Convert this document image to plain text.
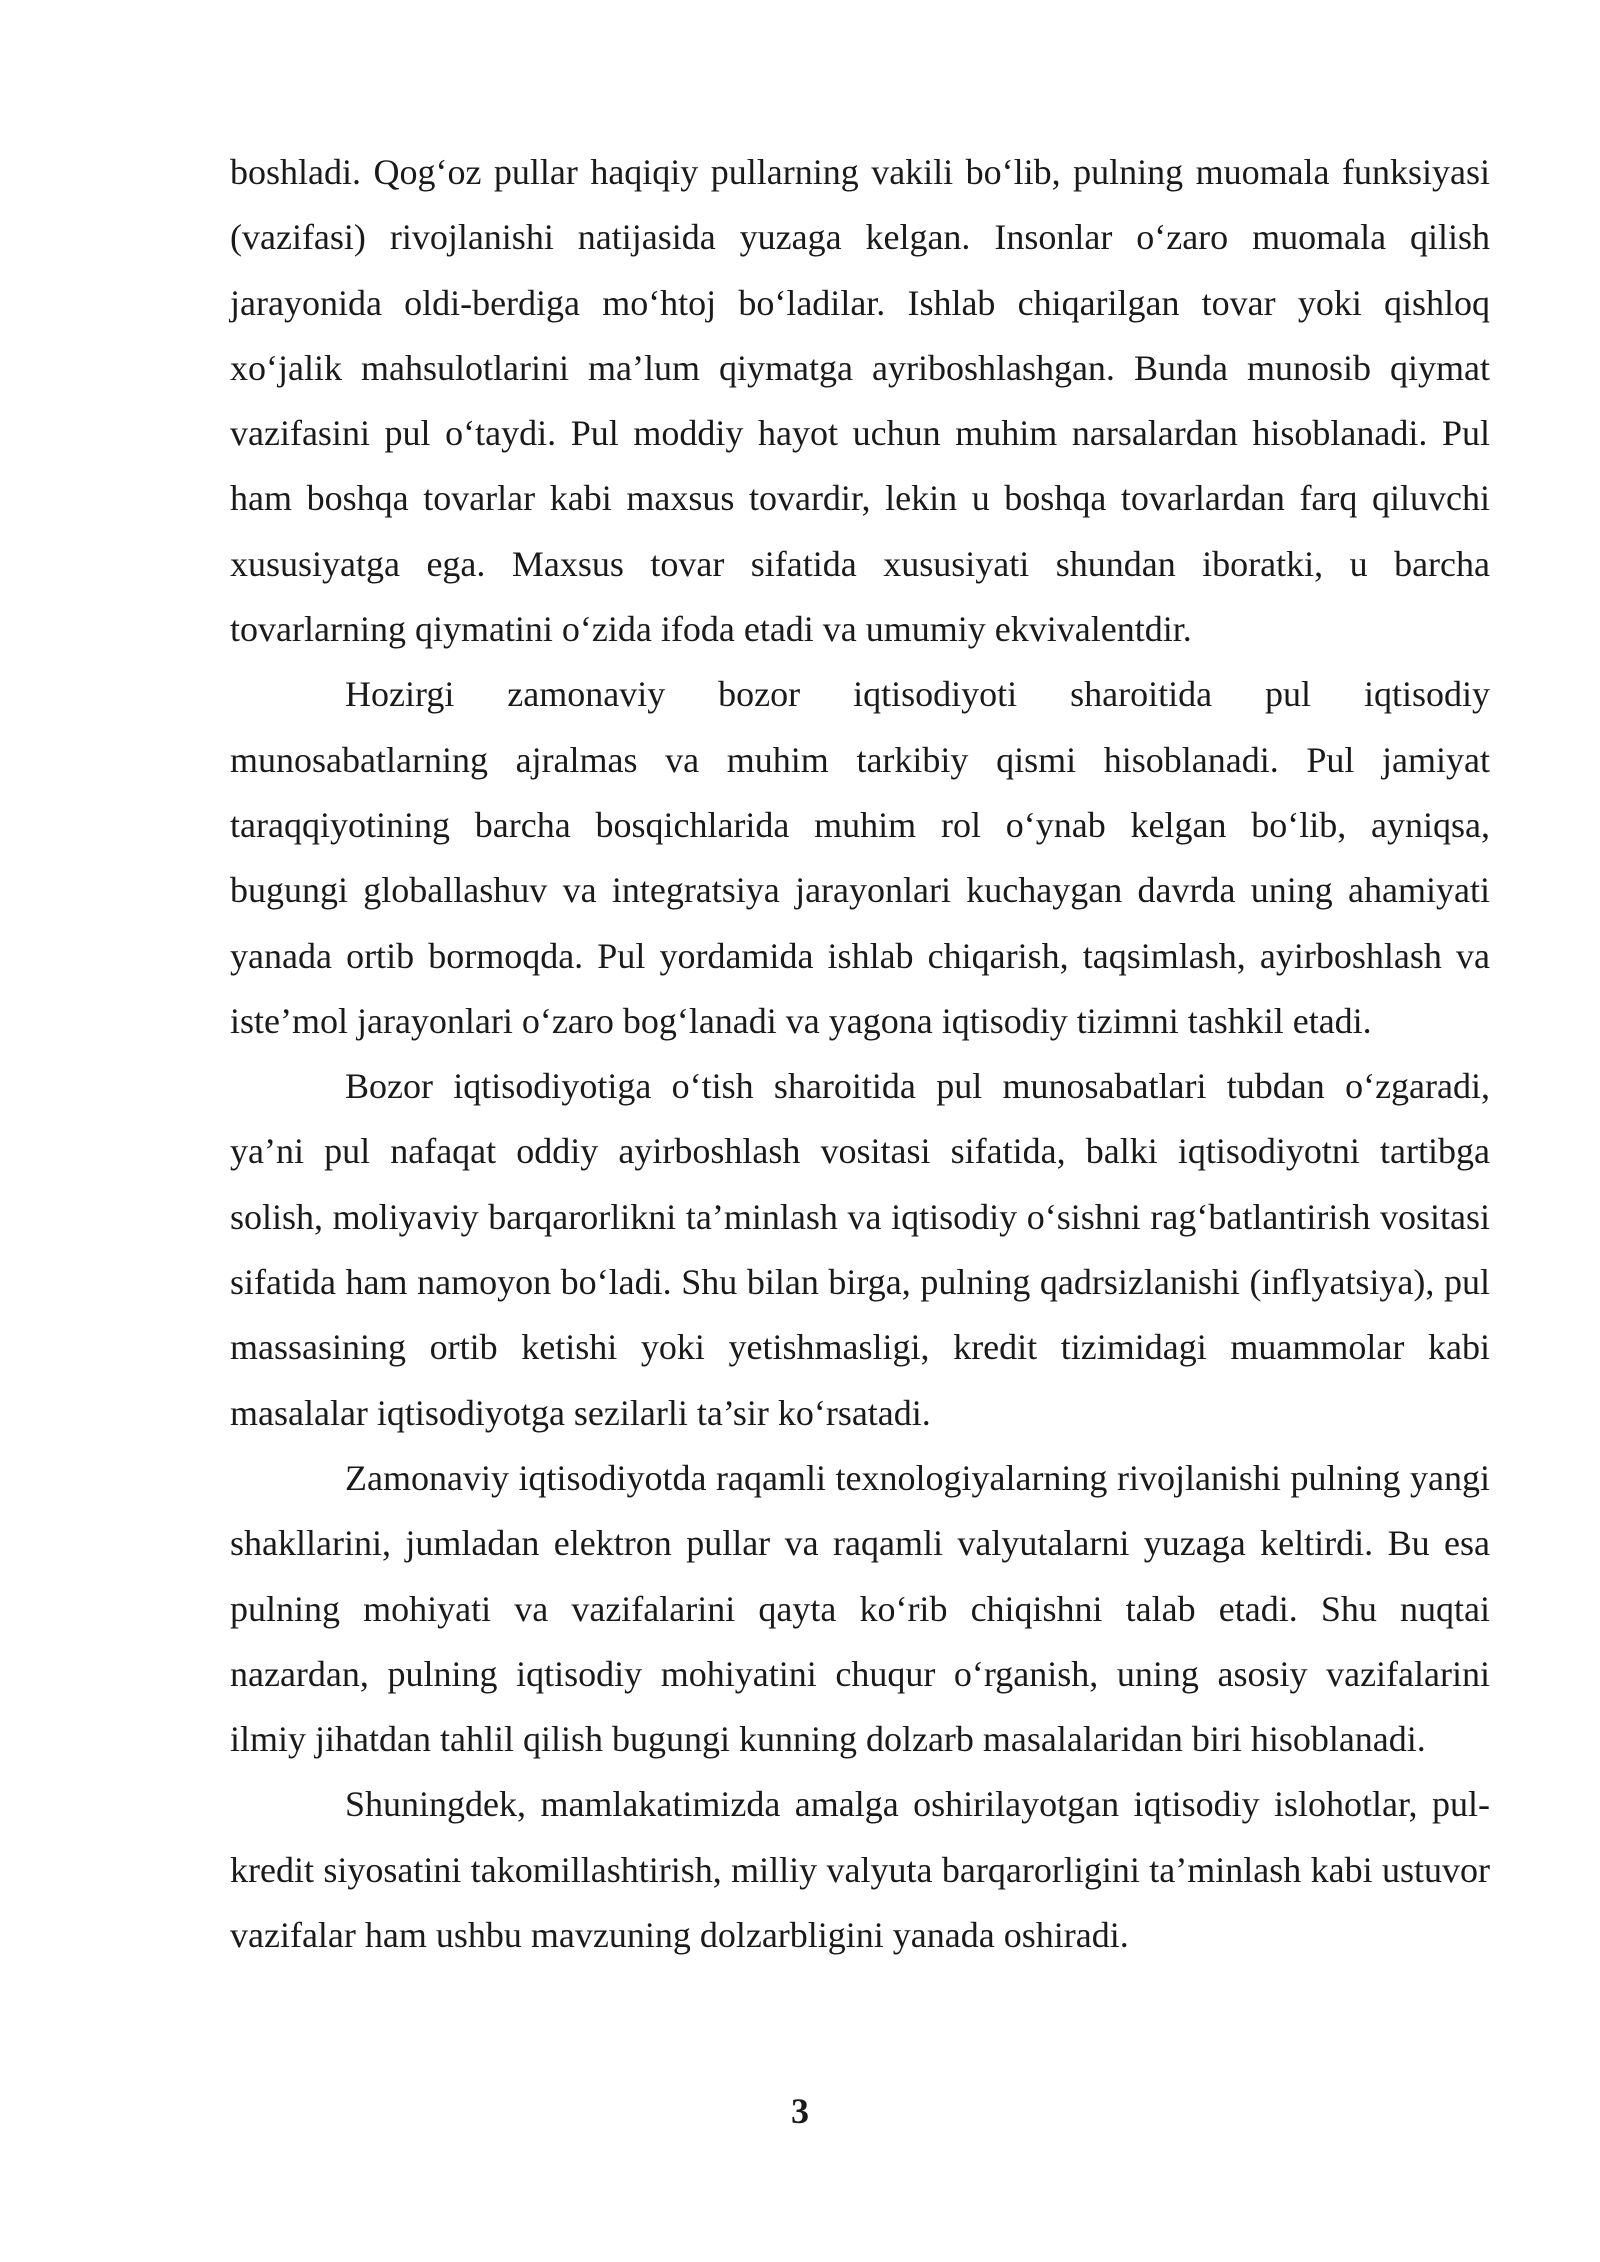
boshladi. Qog‘oz pullar haqiqiy pullarning vakili bo‘lib, pulning muomala funksiyasi (vazifasi) rivojlanishi natijasida yuzaga kelgan. Insonlar o‘zaro muomala qilish jarayonida oldi-berdiga mo‘htoj bo‘ladilar. Ishlab chiqarilgan tovar yoki qishloq xo‘jalik mahsulotlarini ma’lum qiymatga ayriboshlashgan. Bunda munosib qiymat vazifasini pul o‘taydi. Pul moddiy hayot uchun muhim narsalardan hisoblanadi. Pul ham boshqa tovarlar kabi maxsus tovardir, lekin u boshqa tovarlardan farq qiluvchi xususiyatga ega. Maxsus tovar sifatida xususiyati shundan iboratki, u barcha tovarlarning qiymatini o‘zida ifoda etadi va umumiy ekvivalentdir.

Hozirgi zamonaviy bozor iqtisodiyoti sharoitida pul iqtisodiy munosabatlarning ajralmas va muhim tarkibiy qismi hisoblanadi. Pul jamiyat taraqqiyotining barcha bosqichlarida muhim rol o‘ynab kelgan bo‘lib, ayniqsa, bugungi globallashuv va integratsiya jarayonlari kuchaygan davrda uning ahamiyati yanada ortib bormoqda. Pul yordamida ishlab chiqarish, taqsimlash, ayirboshlash va iste’mol jarayonlari o‘zaro bog‘lanadi va yagona iqtisodiy tizimni tashkil etadi.

Bozor iqtisodiyotiga o‘tish sharoitida pul munosabatlari tubdan o‘zgaradi, ya’ni pul nafaqat oddiy ayirboshlash vositasi sifatida, balki iqtisodiyotni tartibga solish, moliyaviy barqarorlikni ta’minlash va iqtisodiy o‘sishni rag‘batlantirish vositasi sifatida ham namoyon bo‘ladi. Shu bilan birga, pulning qadrsizlanishi (inflyatsiya), pul massasining ortib ketishi yoki yetishmasligi, kredit tizimidagi muammolar kabi masalalar iqtisodiyotga sezilarli ta’sir ko‘rsatadi.

Zamonaviy iqtisodiyotda raqamli texnologiyalarning rivojlanishi pulning yangi shakllarini, jumladan elektron pullar va raqamli valyutalarni yuzaga keltirdi. Bu esa pulning mohiyati va vazifalarini qayta ko‘rib chiqishni talab etadi. Shu nuqtai nazardan, pulning iqtisodiy mohiyatini chuqur o‘rganish, uning asosiy vazifalarini ilmiy jihatdan tahlil qilish bugungi kunning dolzarb masalalaridan biri hisoblanadi.

Shuningdek, mamlakatimizda amalga oshirilayotgan iqtisodiy islohotlar, pul-kredit siyosatini takomillashtirish, milliy valyuta barqarorligini ta’minlash kabi ustuvor vazifalar ham ushbu mavzuning dolzarbligini yanada oshiradi.

3
